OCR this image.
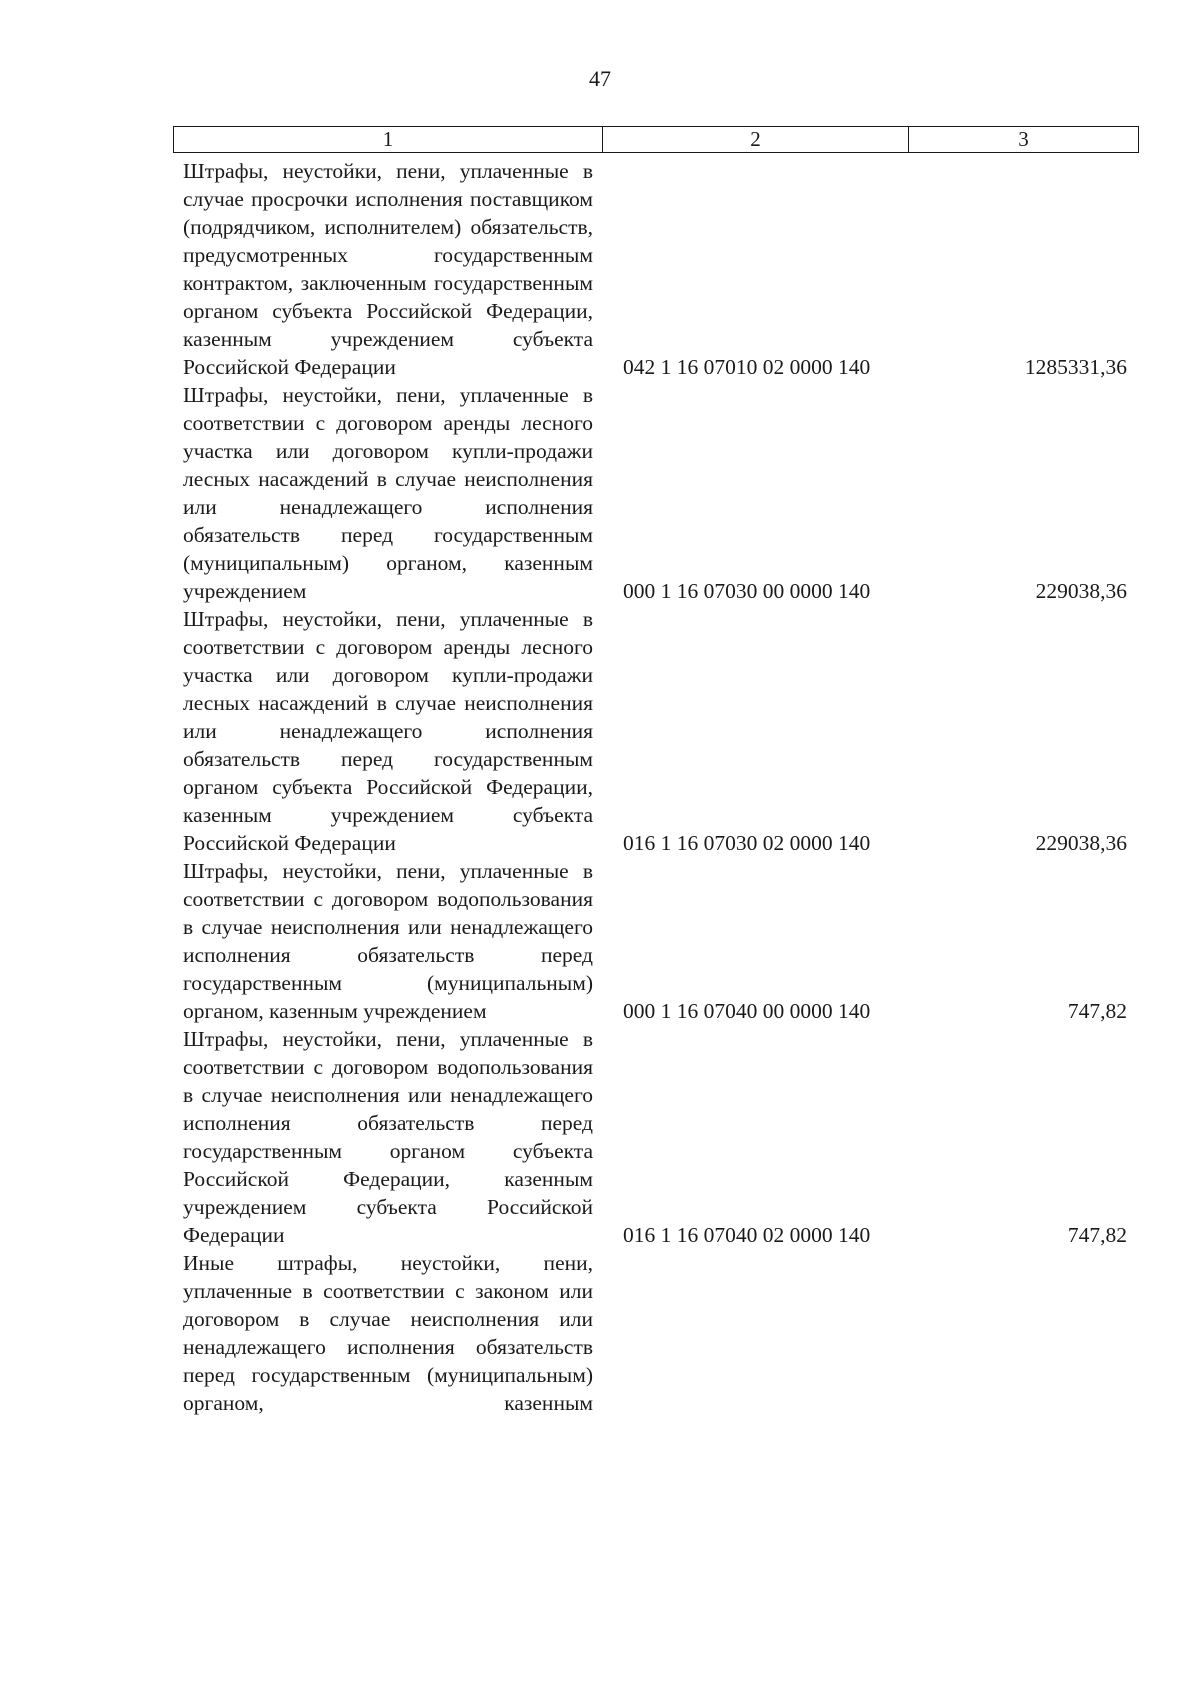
47
1	2	3
Штрафы, неустойки, пени, уплаченные в случае просрочки исполнения поставщиком (подрядчиком, исполнителем) обязательств, предусмотренных государственным контрактом, заключенным государственным органом субъекта Российской Федерации, казенным учреждением субъекта Российской Федерации	042 1 16 07010 02 0000 140	1285331,36
Штрафы, неустойки, пени, уплаченные в соответствии с договором аренды лесного участка или договором купли-продажи лесных насаждений в случае неисполнения или ненадлежащего исполнения обязательств перед государственным (муниципальным) органом, казенным учреждением	000 1 16 07030 00 0000 140	229038,36
Штрафы, неустойки, пени, уплаченные в соответствии с договором аренды лесного участка или договором купли-продажи лесных насаждений в случае неисполнения или ненадлежащего исполнения обязательств перед государственным органом субъекта Российской Федерации, казенным учреждением субъекта Российской Федерации	016 1 16 07030 02 0000 140	229038,36
Штрафы, неустойки, пени, уплаченные в соответствии с договором водопользования в случае неисполнения или ненадлежащего исполнения обязательств перед государственным (муниципальным) органом, казенным учреждением	000 1 16 07040 00 0000 140	747,82
Штрафы, неустойки, пени, уплаченные в соответствии с договором водопользования в случае неисполнения или ненадлежащего исполнения обязательств перед государственным органом субъекта Российской Федерации, казенным учреждением субъекта Российской Федерации	016 1 16 07040 02 0000 140	747,82
Иные штрафы, неустойки, пени, уплаченные в соответствии с законом или договором в случае неисполнения или ненадлежащего исполнения обязательств перед государственным (муниципальным) органом, казенным
